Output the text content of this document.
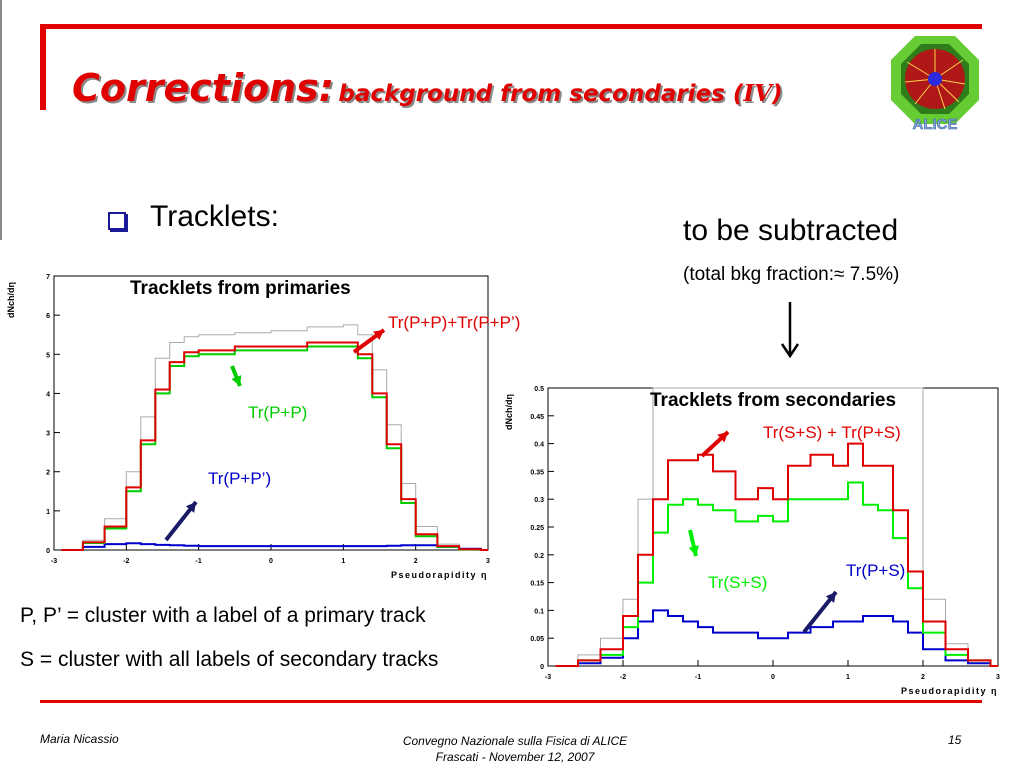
Corrections: background from secondaries (IV)
ALICE
Tracklets:	to be subtracted
(total bkg fraction:≈ 7.5%)
-3	-2	-1	0	1	2	3
0
1
2
3
4
5
6
7
Pseudorapidity η
dNch/dη
Tr(P+P)+Tr(P+P’)
Tr(P+P)
Tr(P+P’)
Tracklets from primaries
-3	-2	-1	0	1	2	3
0
0.05
0.1
0.15
0.2
0.25
0.3
0.35
0.4
0.45
0.5
Pseudorapidity η
dNch/dη
Tr(S+S) + Tr(P+S)
Tr(S+S)
Tr(P+S)
Tracklets from secondaries
P, P’ = cluster with a label of a primary track
S = cluster with all labels of secondary tracks
Maria Nicassio	Convegno Nazionale sulla Fisica di ALICE
Frascati - November 12, 2007
15
